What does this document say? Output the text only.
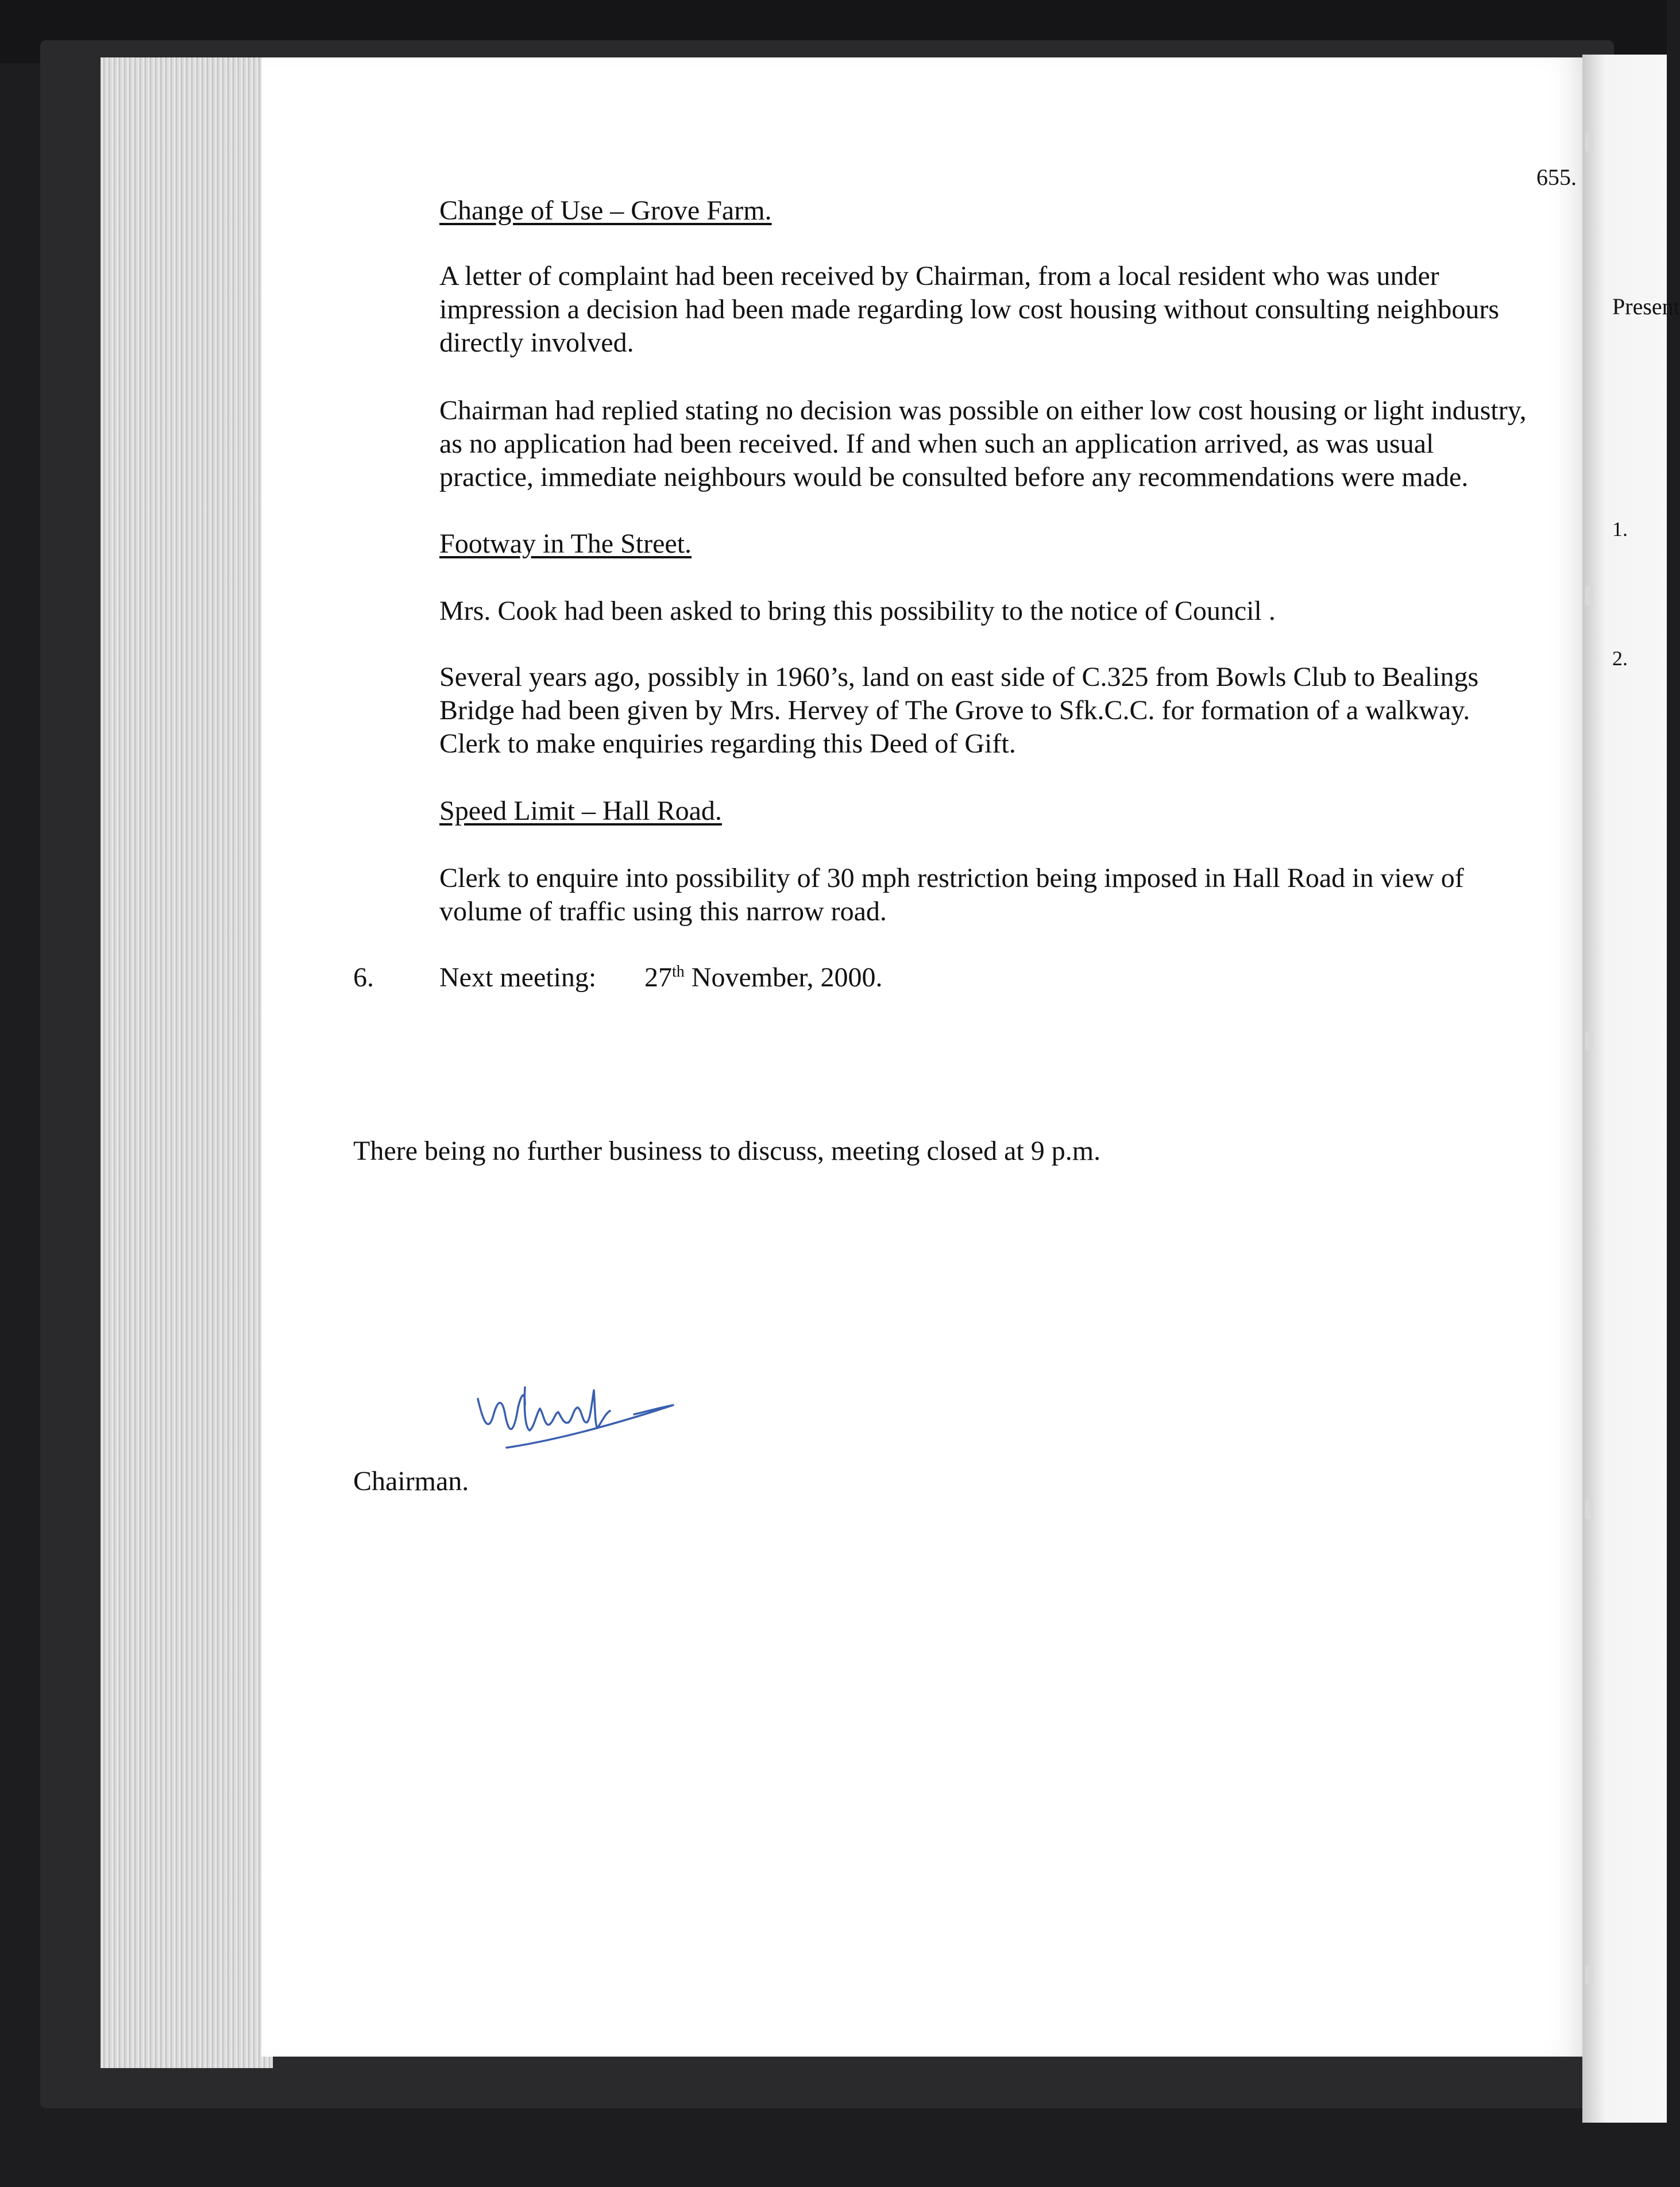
Present
1.
2.
655.
Change of Use – Grove Farm.
A letter of complaint had been received by Chairman, from a local resident who was under
impression a decision had been made regarding low cost housing without consulting neighbours
directly involved.
Chairman had replied stating no decision was possible on either low cost housing or light industry,
as no application had been received. If and when such an application arrived, as was usual
practice, immediate neighbours would be consulted before any recommendations were made.
Footway in The Street.
Mrs. Cook had been asked to bring this possibility to the notice of Council .
Several years ago, possibly in 1960’s, land on east side of C.325 from Bowls Club to Bealings
Bridge had been given by Mrs. Hervey of The Grove to Sfk.C.C. for formation of a walkway.
Clerk to make enquiries regarding this Deed of Gift.
Speed Limit – Hall Road.
Clerk to enquire into possibility of 30 mph restriction being imposed in Hall Road in view of
volume of traffic using this narrow road.
6. Next meeting: 27th November, 2000.
There being no further business to discuss, meeting closed at 9 p.m.
Chairman.
